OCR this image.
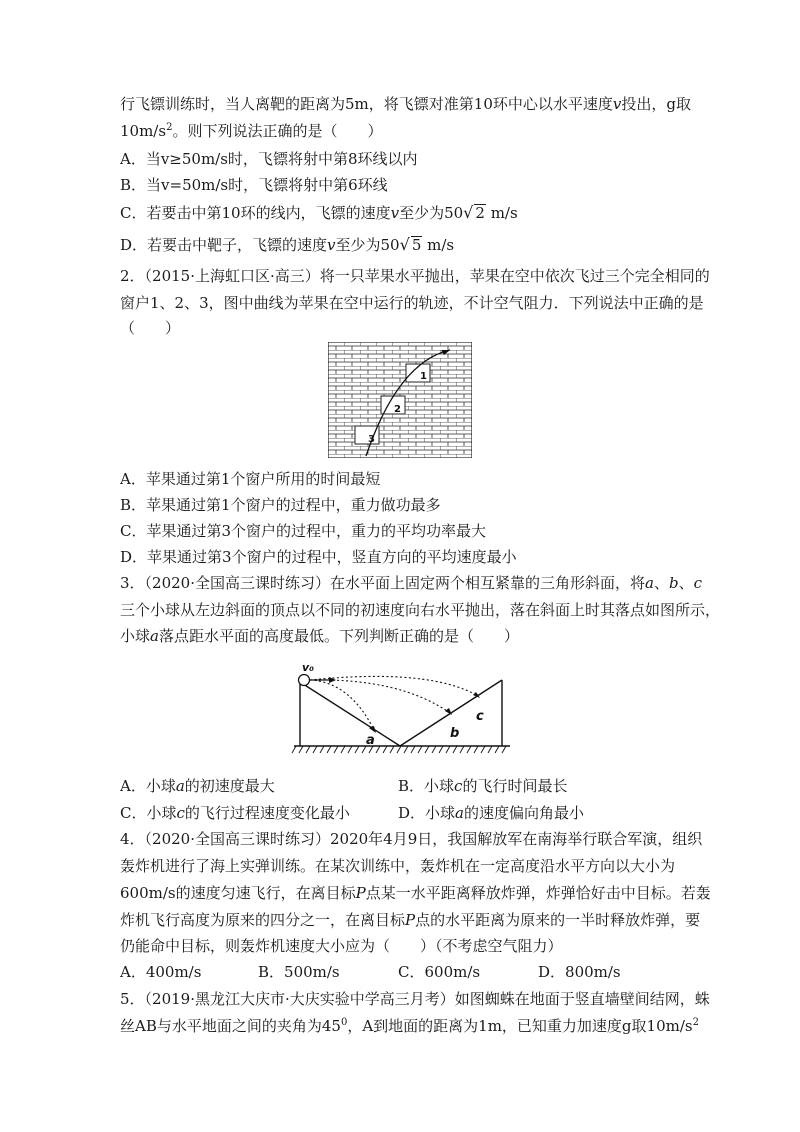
行飞镖训练时，当人离靶的距离为5m，将飞镖对准第10环中心以水平速度v投出，g取
$10m/s^2$。则下列说法正确的是（　　）
A．当v≥50m/s时，飞镖将射中第8环线以内
B．当v=50m/s时，飞镖将射中第6环线
C．若要击中第10环的线内，飞镖的速度v至少为50√ 2 m/s
D．若要击中靶子，飞镖的速度v至少为50√ 5 m/s
2．（2015·上海虹口区·高三）将一只苹果水平抛出，苹果在空中依次飞过三个完全相同的
窗户1、2、3，图中曲线为苹果在空中运行的轨迹，不计空气阻力．下列说法中正确的是
（　　）
1
2
3
A．苹果通过第1个窗户所用的时间最短
B．苹果通过第1个窗户的过程中，重力做功最多
C．苹果通过第3个窗户的过程中，重力的平均功率最大
D．苹果通过第3个窗户的过程中，竖直方向的平均速度最小
3．（2020·全国高三课时练习）在水平面上固定两个相互紧靠的三角形斜面，将a、b、c
三个小球从左边斜面的顶点以不同的初速度向右水平抛出，落在斜面上时其落点如图所示，
小球a落点距水平面的高度最低。下列判断正确的是（　　）
v₀
a	b
c
A．小球a的初速度最大	B．小球c的飞行时间最长
C．小球c的飞行过程速度变化最小	D．小球a的速度偏向角最小
4．（2020·全国高三课时练习）2020年4月9日，我国解放军在南海举行联合军演，组织
轰炸机进行了海上实弹训练。在某次训练中，轰炸机在一定高度沿水平方向以大小为
600m/s的速度匀速飞行，在离目标P点某一水平距离释放炸弹，炸弹恰好击中目标。若轰
炸机飞行高度为原来的四分之一，在离目标P点的水平距离为原来的一半时释放炸弹，要
仍能命中目标，则轰炸机速度大小应为（　　）（不考虑空气阻力）
A．400m/s	B．500m/s	C．600m/s	D．800m/s
5．（2019·黑龙江大庆市·大庆实验中学高三月考）如图蜘蛛在地面于竖直墙壁间结网，蛛
丝AB与水平地面之间的夹角为$45^0$，A到地面的距离为1m，已知重力加速度g取$10m/s^2$
